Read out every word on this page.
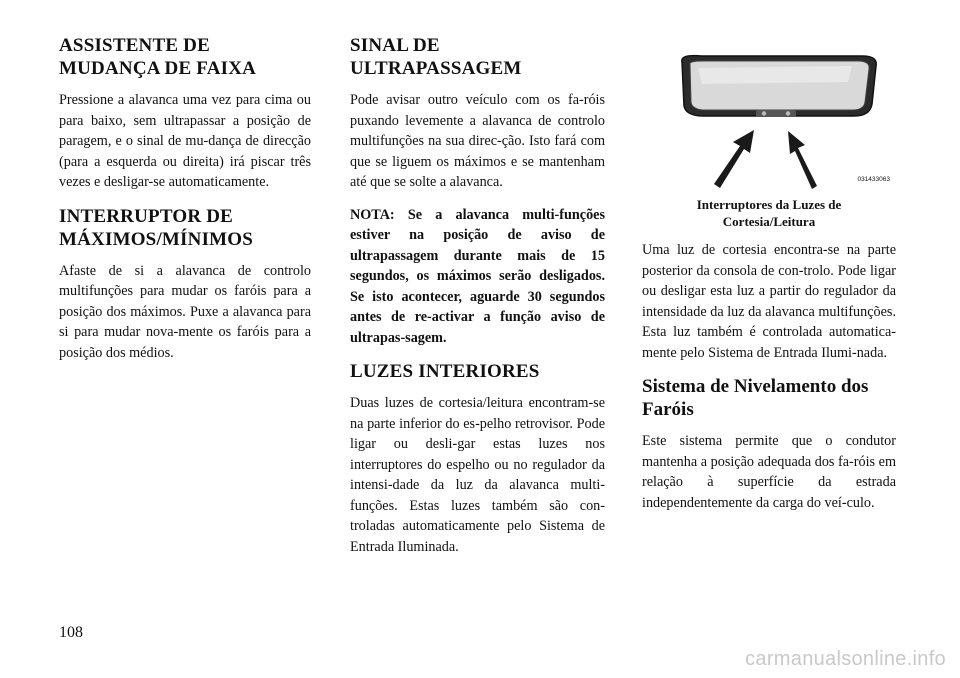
ASSISTENTE DE MUDANÇA DE FAIXA

Pressione a alavanca uma vez para cima ou para baixo, sem ultrapassar a posição de paragem, e o sinal de mu-dança de direcção (para a esquerda ou direita) irá piscar três vezes e desligar-se automaticamente.

INTERRUPTOR DE MÁXIMOS/MÍNIMOS

Afaste de si a alavanca de controlo multifunções para mudar os faróis para a posição dos máximos. Puxe a alavanca para si para mudar nova-mente os faróis para a posição dos médios.

SINAL DE ULTRAPASSAGEM

Pode avisar outro veículo com os fa-róis puxando levemente a alavanca de controlo multifunções na sua direc-ção. Isto fará com que se liguem os máximos e se mantenham até que se solte a alavanca.

NOTA: Se a alavanca multi-funções estiver na posição de aviso de ultrapassagem durante mais de 15 segundos, os máximos serão desligados. Se isto acontecer, aguarde 30 segundos antes de re-activar a função aviso de ultrapas-sagem.

LUZES INTERIORES

Duas luzes de cortesia/leitura encontram-se na parte inferior do es-pelho retrovisor. Pode ligar ou desli-gar estas luzes nos interruptores do espelho ou no regulador da intensi-dade da luz da alavanca multi-funções. Estas luzes também são con-troladas automaticamente pelo Sistema de Entrada Iluminada.

031433063
Interruptores da Luzes de Cortesia/Leitura

Uma luz de cortesia encontra-se na parte posterior da consola de con-trolo. Pode ligar ou desligar esta luz a partir do regulador da intensidade da luz da alavanca multifunções. Esta luz também é controlada automatica-mente pelo Sistema de Entrada Ilumi-nada.

Sistema de Nivelamento dos Faróis

Este sistema permite que o condutor mantenha a posição adequada dos fa-róis em relação à superfície da estrada independentemente da carga do veí-culo.

108
carmanualsonline.info
